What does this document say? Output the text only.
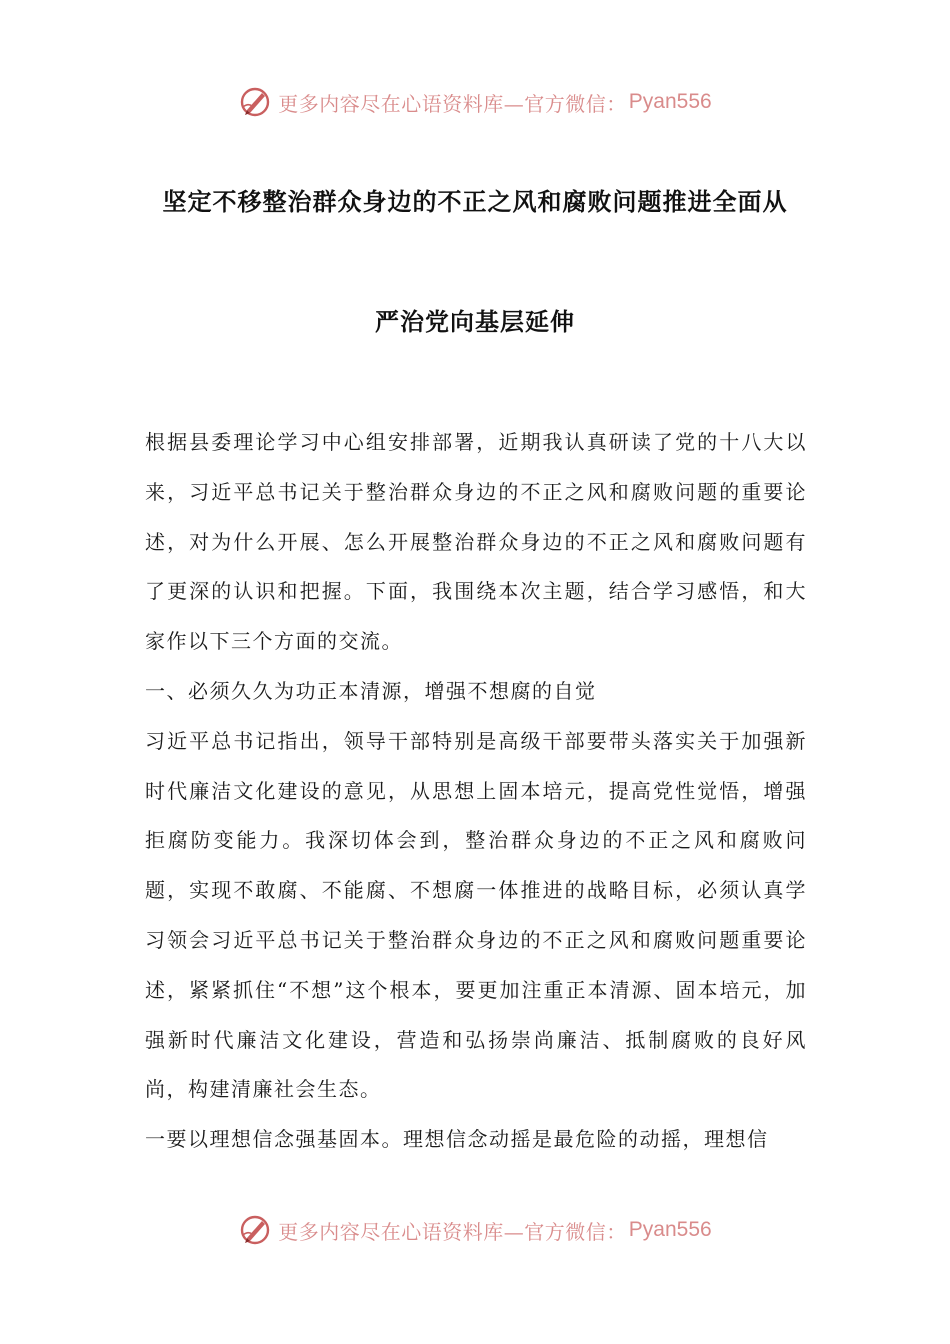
更多内容尽在心语资料库—官方微信： Pyan556
坚定不移整治群众身边的不正之风和腐败问题推进全面从
严治党向基层延伸

根据县委理论学习中心组安排部署，近期我认真研读了党的十八大以来，习近平总书记关于整治群众身边的不正之风和腐败问题的重要论述，对为什么开展、怎么开展整治群众身边的不正之风和腐败问题有了更深的认识和把握。下面，我围绕本次主题，结合学习感悟，和大家作以下三个方面的交流。

一、必须久久为功正本清源，增强不想腐的自觉

习近平总书记指出，领导干部特别是高级干部要带头落实关于加强新时代廉洁文化建设的意见，从思想上固本培元，提高党性觉悟，增强拒腐防变能力。我深切体会到，整治群众身边的不正之风和腐败问题，实现不敢腐、不能腐、不想腐一体推进的战略目标，必须认真学习领会习近平总书记关于整治群众身边的不正之风和腐败问题重要论述，紧紧抓住“不想”这个根本，要更加注重正本清源、固本培元，加强新时代廉洁文化建设，营造和弘扬崇尚廉洁、抵制腐败的良好风尚，构建清廉社会生态。

一要以理想信念强基固本。理想信念动摇是最危险的动摇，理想信

更多内容尽在心语资料库—官方微信： Pyan556
